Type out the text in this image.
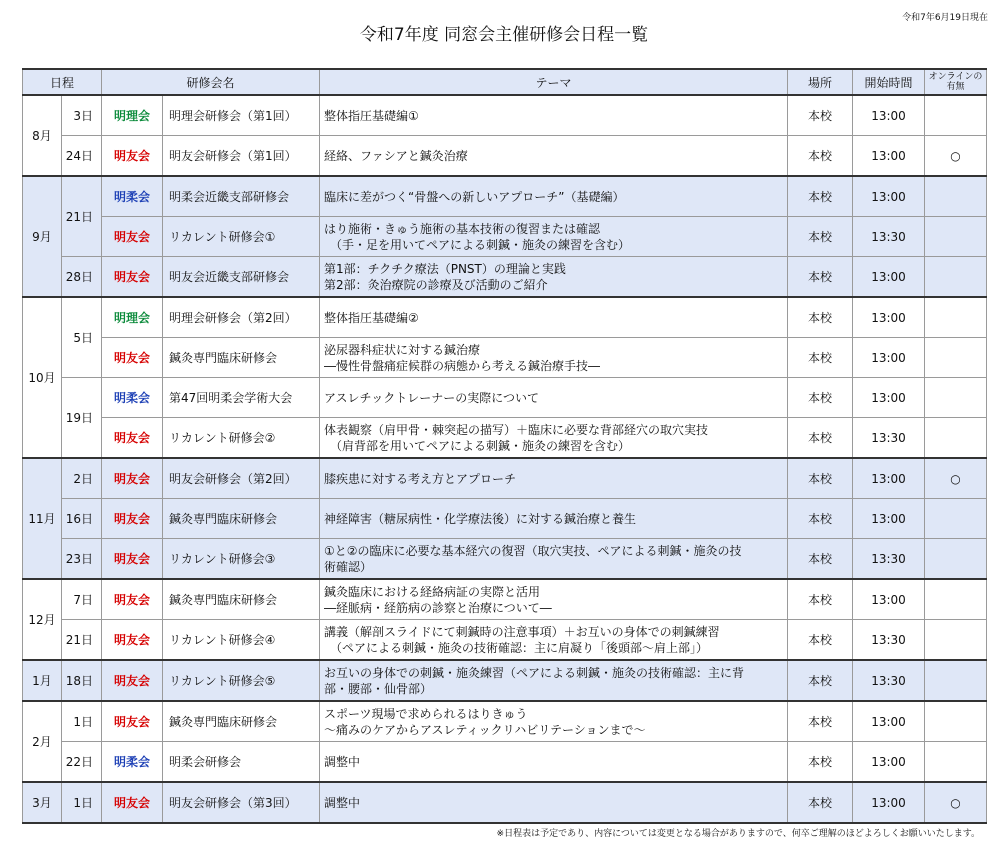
令和7年6月19日現在
令和7年度 同窓会主催研修会日程一覧
日程		研修会名		テーマ	場所	開始時間	オンラインの
有無
8月	3日	明理会	明理会研修会（第1回）	整体指圧基礎編①	本校	13:00	
	24日	明友会	明友会研修会（第1回）	経絡、ファシアと鍼灸治療	本校	13:00	○
9月	21日	明柔会	明柔会近畿支部研修会	臨床に差がつく“骨盤への新しいアプローチ”（基礎編）	本校	13:00	
		明友会	リカレント研修会①	はり施術・きゅう施術の基本技術の復習または確認
　（手・足を用いてペアによる刺鍼・施灸の練習を含む）	本校	13:30	
	28日	明友会	明友会近畿支部研修会	第1部：チクチク療法（PNST）の理論と実践
第2部：灸治療院の診療及び活動のご紹介	本校	13:00	
10月	5日	明理会	明理会研修会（第2回）	整体指圧基礎編②	本校	13:00	
		明友会	鍼灸専門臨床研修会	泌尿器科症状に対する鍼治療
―慢性骨盤痛症候群の病態から考える鍼治療手技―	本校	13:00	
	19日	明柔会	第47回明柔会学術大会	アスレチックトレーナーの実際について	本校	13:00	
		明友会	リカレント研修会②	体表観察（肩甲骨・棘突起の描写）＋臨床に必要な背部経穴の取穴実技
　（肩背部を用いてペアによる刺鍼・施灸の練習を含む）	本校	13:30	
11月	2日	明友会	明友会研修会（第2回）	膝疾患に対する考え方とアプローチ	本校	13:00	○
	16日	明友会	鍼灸専門臨床研修会	神経障害（糖尿病性・化学療法後）に対する鍼治療と養生	本校	13:00	
	23日	明友会	リカレント研修会③	①と②の臨床に必要な基本経穴の復習（取穴実技、ペアによる刺鍼・施灸の技
術確認）	本校	13:30	
12月	7日	明友会	鍼灸専門臨床研修会	鍼灸臨床における経絡病証の実際と活用
―経脈病・経筋病の診察と治療について―	本校	13:00	
	21日	明友会	リカレント研修会④	講義（解剖スライドにて刺鍼時の注意事項）＋お互いの身体での刺鍼練習
　（ペアによる刺鍼・施灸の技術確認：主に肩凝り「後頭部～肩上部」）	本校	13:30	
1月	18日	明友会	リカレント研修会⑤	お互いの身体での刺鍼・施灸練習（ペアによる刺鍼・施灸の技術確認：主に背
部・腰部・仙骨部）	本校	13:30	
2月	1日	明友会	鍼灸専門臨床研修会	スポーツ現場で求められるはりきゅう
～痛みのケアからアスレティックリハビリテーションまで～	本校	13:00	
	22日	明柔会	明柔会研修会	調整中	本校	13:00	
3月	1日	明友会	明友会研修会（第3回）	調整中	本校	13:00	○
※日程表は予定であり、内容については変更となる場合がありますので、何卒ご理解のほどよろしくお願いいたします。
